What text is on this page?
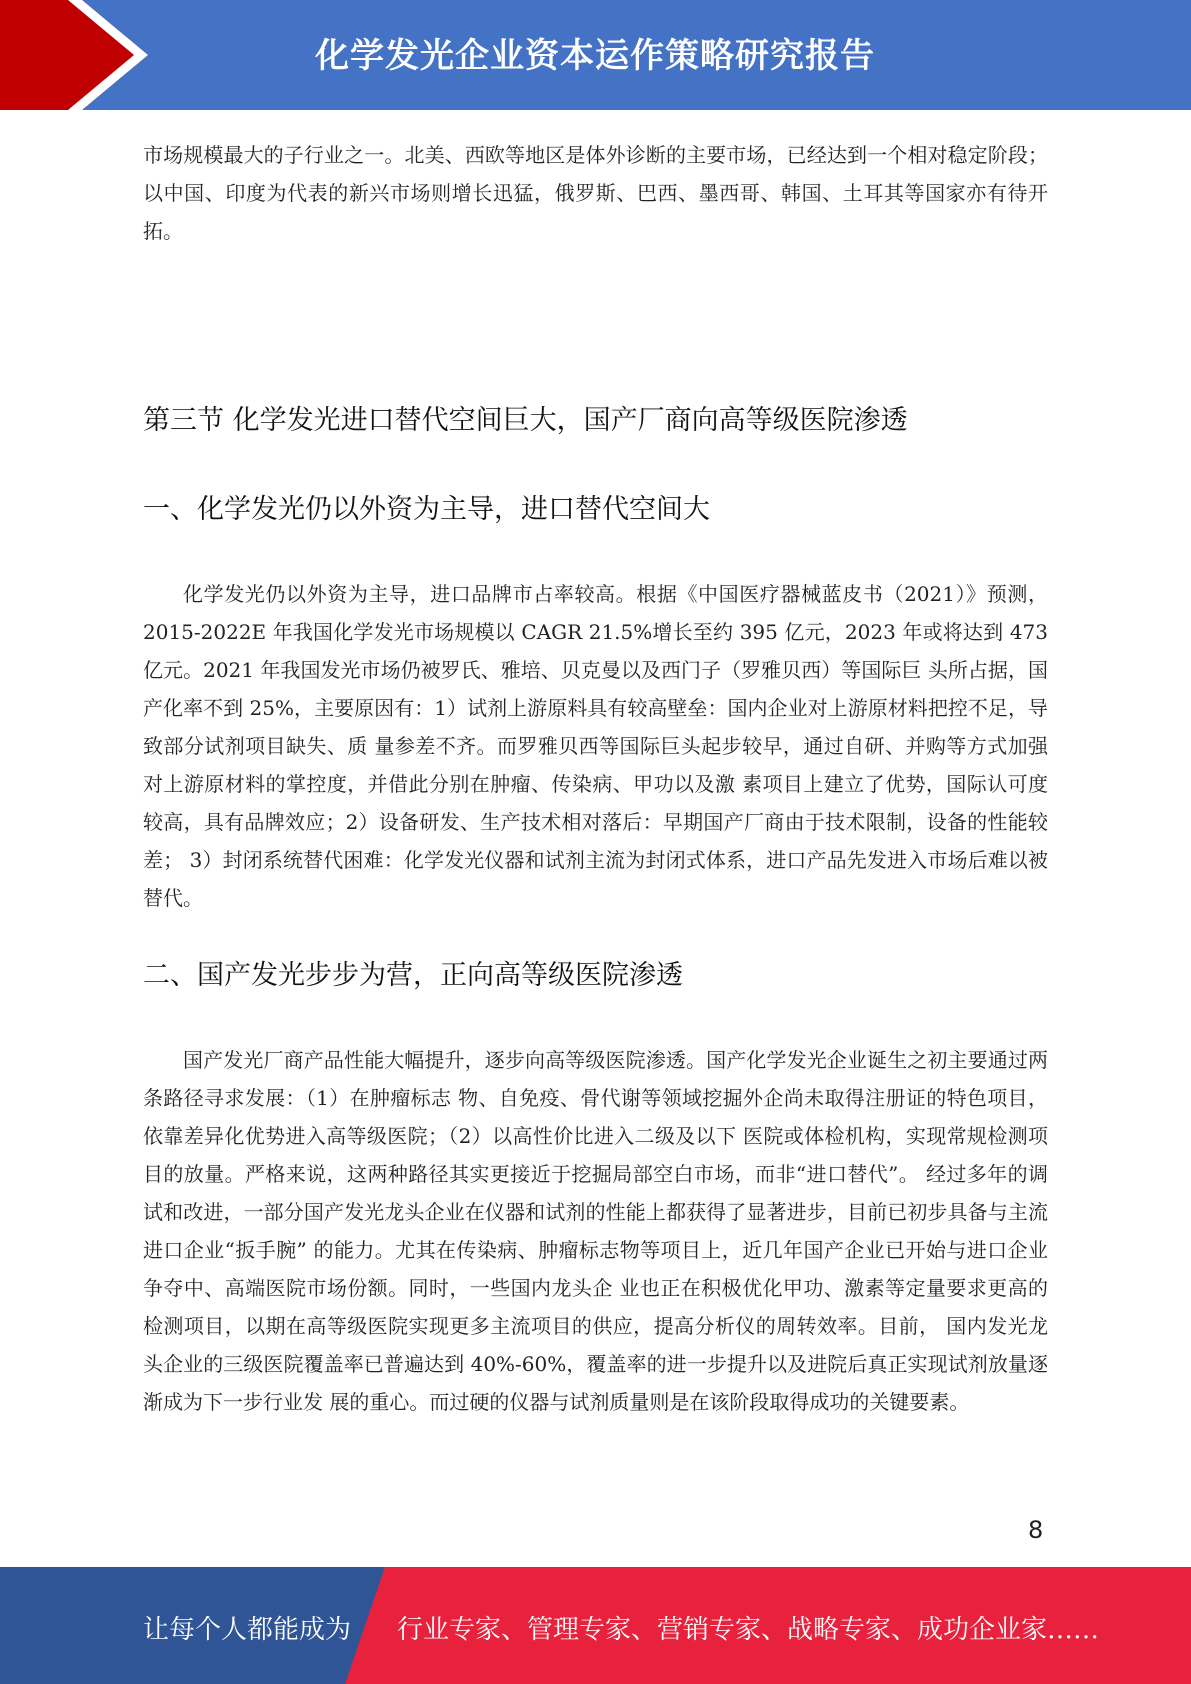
化学发光企业资本运作策略研究报告

市场规模最大的子行业之一。北美、西欧等地区是体外诊断的主要市场，已经达到一个相对稳定阶段；以中国、印度为代表的新兴市场则增长迅猛，俄罗斯、巴西、墨西哥、韩国、土耳其等国家亦有待开拓。

第三节 化学发光进口替代空间巨大，国产厂商向高等级医院渗透
一、化学发光仍以外资为主导，进口替代空间大

化学发光仍以外资为主导，进口品牌市占率较高。根据《中国医疗器械蓝皮书（2021）》预测，2015-2022E 年我国化学发光市场规模以 CAGR 21.5%增长至约 395 亿元，2023 年或将达到 473 亿元。2021 年我国发光市场仍被罗氏、雅培、贝克曼以及西门子（罗雅贝西）等国际巨 头所占据，国产化率不到 25%，主要原因有：1）试剂上游原料具有较高壁垒：国内企业对上游原材料把控不足，导致部分试剂项目缺失、质 量参差不齐。而罗雅贝西等国际巨头起步较早，通过自研、并购等方式加强对上游原材料的掌控度，并借此分别在肿瘤、传染病、甲功以及激 素项目上建立了优势，国际认可度较高，具有品牌效应；2）设备研发、生产技术相对落后：早期国产厂商由于技术限制，设备的性能较差； 3）封闭系统替代困难：化学发光仪器和试剂主流为封闭式体系，进口产品先发进入市场后难以被替代。

二、国产发光步步为营，正向高等级医院渗透

国产发光厂商产品性能大幅提升，逐步向高等级医院渗透。国产化学发光企业诞生之初主要通过两条路径寻求发展：（1）在肿瘤标志 物、自免疫、骨代谢等领域挖掘外企尚未取得注册证的特色项目，依靠差异化优势进入高等级医院；（2）以高性价比进入二级及以下 医院或体检机构，实现常规检测项目的放量。严格来说，这两种路径其实更接近于挖掘局部空白市场，而非“进口替代”。 经过多年的调试和改进，一部分国产发光龙头企业在仪器和试剂的性能上都获得了显著进步，目前已初步具备与主流进口企业“扳手腕” 的能力。尤其在传染病、肿瘤标志物等项目上，近几年国产企业已开始与进口企业争夺中、高端医院市场份额。同时，一些国内龙头企 业也正在积极优化甲功、激素等定量要求更高的检测项目，以期在高等级医院实现更多主流项目的供应，提高分析仪的周转效率。目前， 国内发光龙头企业的三级医院覆盖率已普遍达到 40%-60%，覆盖率的进一步提升以及进院后真正实现试剂放量逐渐成为下一步行业发 展的重心。而过硬的仪器与试剂质量则是在该阶段取得成功的关键要素。

8
让每个人都能成为 行业专家、管理专家、营销专家、战略专家、成功企业家……
